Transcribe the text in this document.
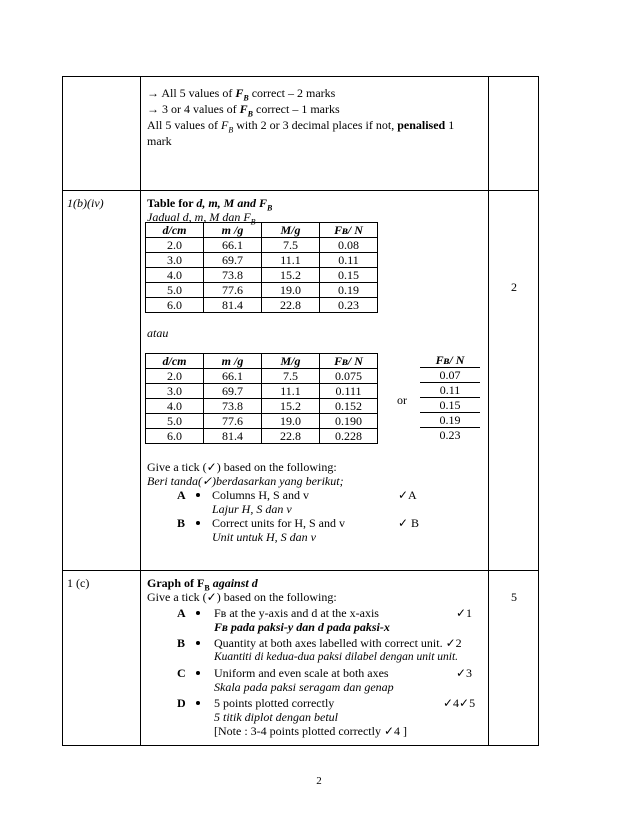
→ All 5 values of $F_B$ correct – 2 marks
→ 3 or 4 values of $F_B$ correct – 1 marks
All 5 values of $F_B$ with 2 or 3 decimal places if not, penalised 1
mark
1(b)(iv)	Table for d, m, M and $F_B$
Jadual d, m, M dan $F_B$
2
d/cm	m /g	M/g	Fʙ/ N
2.0	66.1	7.5	0.08
3.0	69.7	11.1	0.11
4.0	73.8	15.2	0.15
5.0	77.6	19.0	0.19
6.0	81.4	22.8	0.23
atau
d/cm	m /g	M/g	Fʙ/ N
2.0	66.1	7.5	0.075
3.0	69.7	11.1	0.111
4.0	73.8	15.2	0.152
5.0	77.6	19.0	0.190
6.0	81.4	22.8	0.228
or
Fʙ/ N
0.07
0.11
0.15
0.19
0.23
Give a tick (✓) based on the following:
Beri tanda(✓)berdasarkan yang berikut;
A Columns H, S and v	✓A
Lajur H, S dan v
B Correct units for H, S and v	✓ B
Unit untuk H, S dan v
1 (c)	Graph of $F_B$ against d
Give a tick (✓) based on the following:	5
A Fʙ at the y-axis and d at the x-axis	✓1
Fʙ pada paksi-y dan d pada paksi-x
B Quantity at both axes labelled with correct unit. ✓2
Kuantiti di kedua-dua paksi dilabel dengan unit unit.
C Uniform and even scale at both axes	✓3
Skala pada paksi seragam dan genap
D 5 points plotted correctly	✓4✓5
5 titik diplot dengan betul
[Note : 3-4 points plotted correctly ✓4 ]
2
